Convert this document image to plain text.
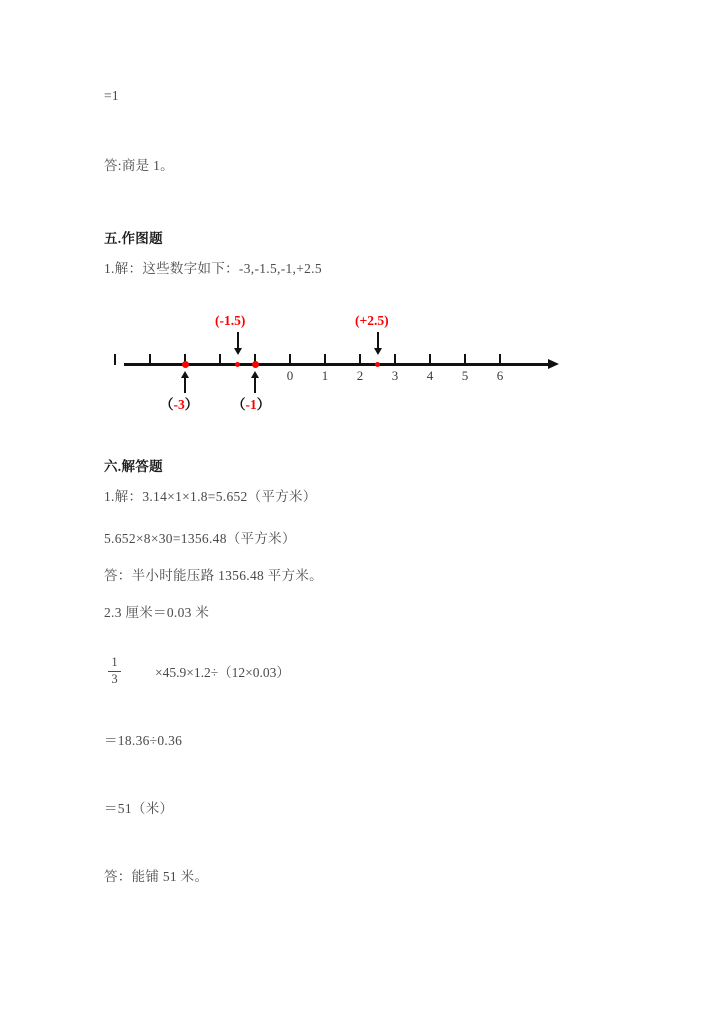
=1
答:商是 1。
五.作图题
1.解：这些数字如下：-3,-1.5,-1,+2.5
0	1	2	3	4	5	6
(-1.5)	(+2.5)
（-3）	（-1）
六.解答题
1.解：3.14×1×1.8=5.652（平方米）
5.652×8×30=1356.48（平方米）
答：半小时能压路 1356.48 平方米。
2.3 厘米＝0.03 米
$\frac{1}{3}$	×45.9×1.2÷（12×0.03）
＝18.36÷0.36
＝51（米）
答：能铺 51 米。
